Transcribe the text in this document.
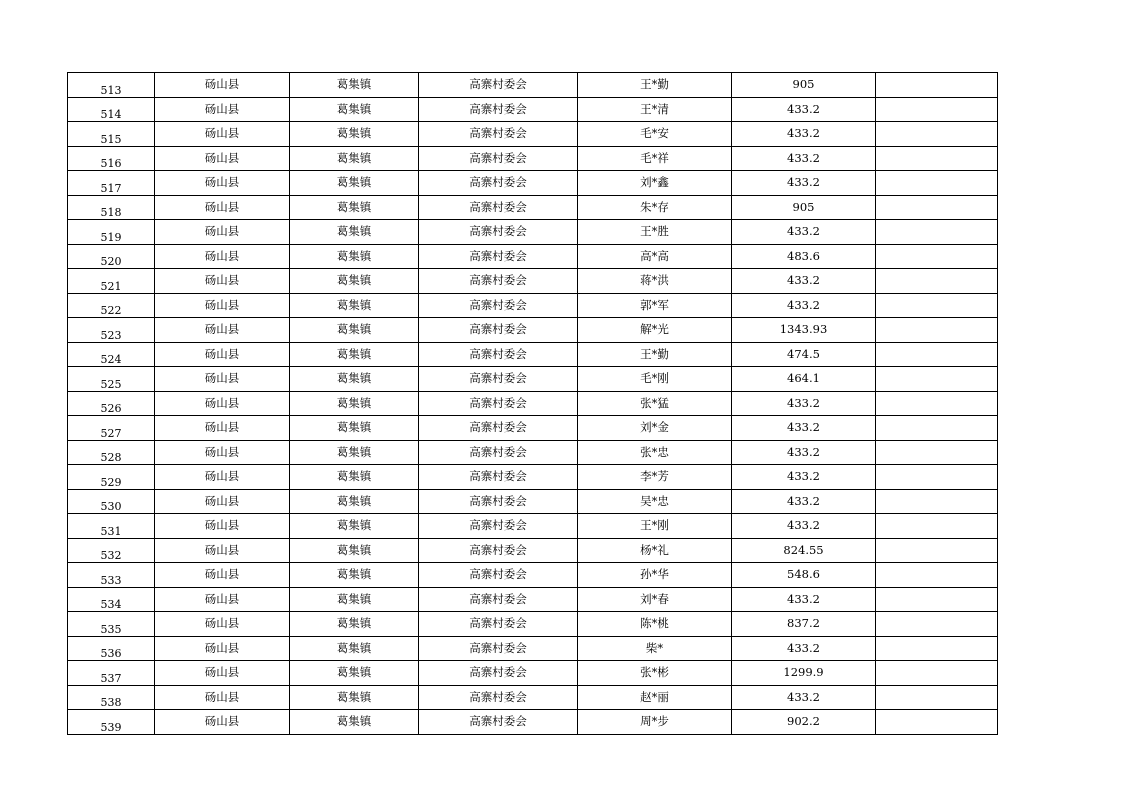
513	砀山县	葛集镇	高寨村委会	王*勤	905	
514	砀山县	葛集镇	高寨村委会	王*清	433.2	
515	砀山县	葛集镇	高寨村委会	毛*安	433.2	
516	砀山县	葛集镇	高寨村委会	毛*祥	433.2	
517	砀山县	葛集镇	高寨村委会	刘*鑫	433.2	
518	砀山县	葛集镇	高寨村委会	朱*存	905	
519	砀山县	葛集镇	高寨村委会	王*胜	433.2	
520	砀山县	葛集镇	高寨村委会	高*高	483.6	
521	砀山县	葛集镇	高寨村委会	蒋*洪	433.2	
522	砀山县	葛集镇	高寨村委会	郭*军	433.2	
523	砀山县	葛集镇	高寨村委会	解*光	1343.93	
524	砀山县	葛集镇	高寨村委会	王*勤	474.5	
525	砀山县	葛集镇	高寨村委会	毛*刚	464.1	
526	砀山县	葛集镇	高寨村委会	张*猛	433.2	
527	砀山县	葛集镇	高寨村委会	刘*金	433.2	
528	砀山县	葛集镇	高寨村委会	张*忠	433.2	
529	砀山县	葛集镇	高寨村委会	李*芳	433.2	
530	砀山县	葛集镇	高寨村委会	吴*忠	433.2	
531	砀山县	葛集镇	高寨村委会	王*刚	433.2	
532	砀山县	葛集镇	高寨村委会	杨*礼	824.55	
533	砀山县	葛集镇	高寨村委会	孙*华	548.6	
534	砀山县	葛集镇	高寨村委会	刘*春	433.2	
535	砀山县	葛集镇	高寨村委会	陈*桃	837.2	
536	砀山县	葛集镇	高寨村委会	柴*	433.2	
537	砀山县	葛集镇	高寨村委会	张*彬	1299.9	
538	砀山县	葛集镇	高寨村委会	赵*丽	433.2	
539	砀山县	葛集镇	高寨村委会	周*步	902.2	
